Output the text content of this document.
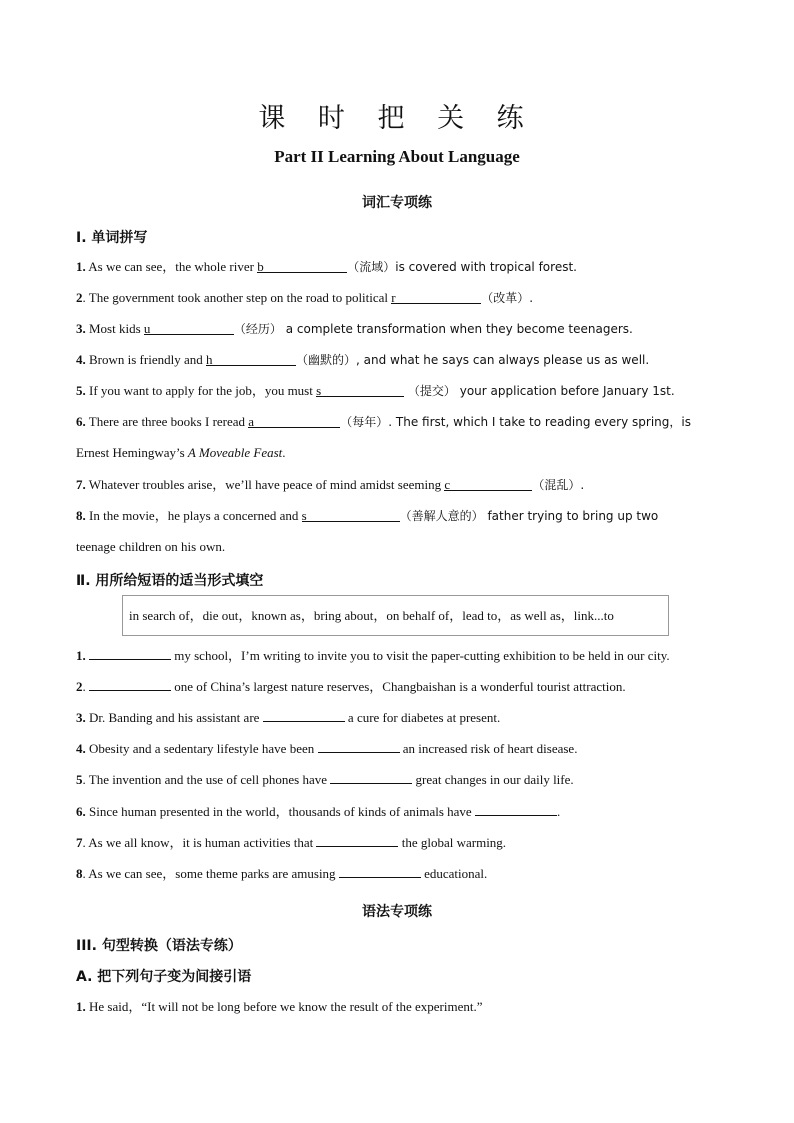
课 时 把 关 练
Part II Learning About Language
词汇专项练
Ⅰ. 单词拼写
1. As we can see，the whole river b	（流域）is covered with tropical forest.
2. The government took another step on the road to political r	（改革）.
3. Most kids u	（经历） a complete transformation when they become teenagers.
4. Brown is friendly and h	（幽默的）, and what he says can always please us as well.
5. If you want to apply for the job，you must s	（提交） your application before January 1st.
6. There are three books I reread a	（每年）. The first, which I take to reading every spring，is
Ernest Hemingway’s A Moveable Feast.
7. Whatever troubles arise，we’ll have peace of mind amidst seeming c	（混乱）.
8. In the movie，he plays a concerned and s	（善解人意的） father trying to bring up two
teenage children on his own.
Ⅱ. 用所给短语的适当形式填空
in search of，die out，known as，bring about，on behalf of，lead to，as well as，link...to
1.	my school，I’m writing to invite you to visit the paper-cutting exhibition to be held in our city.
2.	one of China’s largest nature reserves，Changbaishan is a wonderful tourist attraction.
3. Dr. Banding and his assistant are	a cure for diabetes at present.
4. Obesity and a sedentary lifestyle have been	an increased risk of heart disease.
5. The invention and the use of cell phones have	great changes in our daily life.
6. Since human presented in the world，thousands of kinds of animals have	.
7. As we all know，it is human activities that	the global warming.
8. As we can see，some theme parks are amusing	educational.
语法专项练
III. 句型转换（语法专练）
A. 把下列句子变为间接引语
1. He said，“It will not be long before we know the result of the experiment.”
